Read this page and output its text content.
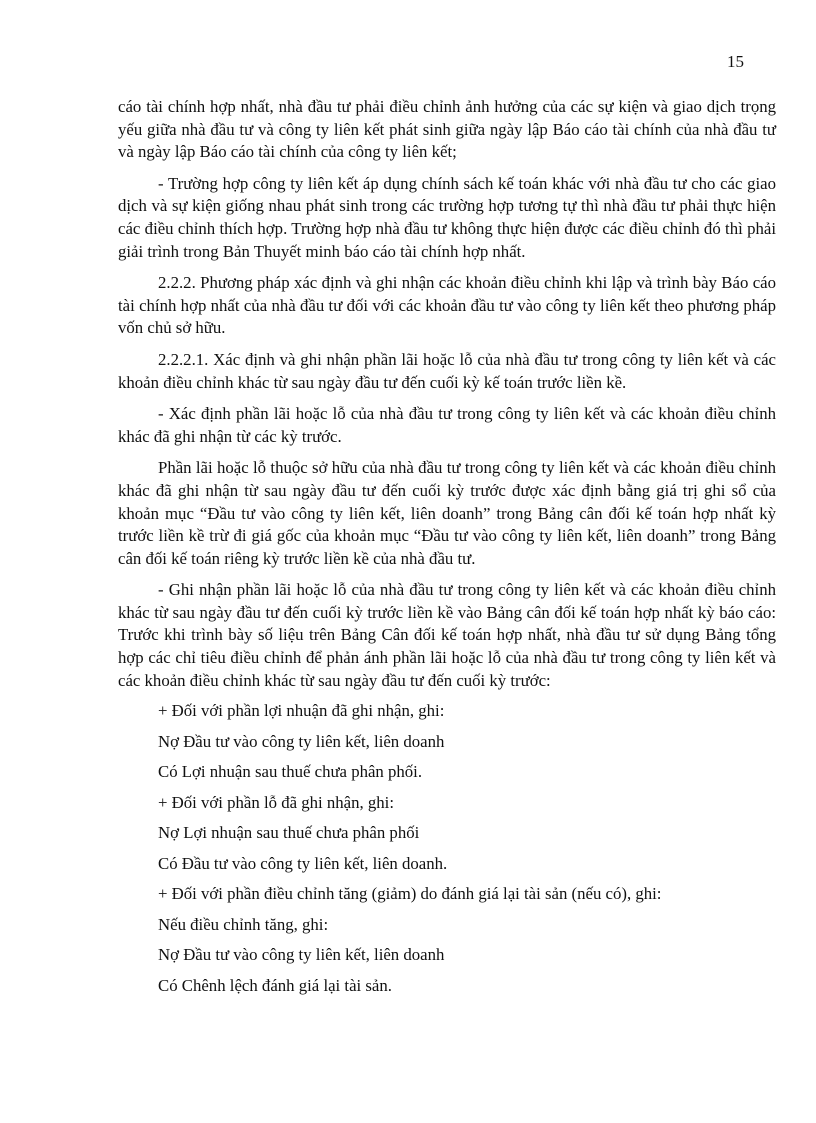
15

cáo tài chính hợp nhất, nhà đầu tư phải điều chỉnh ảnh hưởng của các sự kiện và giao dịch trọng yếu giữa nhà đầu tư và công ty liên kết phát sinh giữa ngày lập Báo cáo tài chính của nhà đầu tư và ngày lập Báo cáo tài chính của công ty liên kết;

- Trường hợp công ty liên kết áp dụng chính sách kế toán khác với nhà đầu tư cho các giao dịch và sự kiện giống nhau phát sinh trong các trường hợp tương tự thì nhà đầu tư phải thực hiện các điều chỉnh thích hợp. Trường hợp nhà đầu tư không thực hiện được các điều chỉnh đó thì phải giải trình trong Bản Thuyết minh báo cáo tài chính hợp nhất.

2.2.2. Phương pháp xác định và ghi nhận các khoản điều chỉnh khi lập và trình bày Báo cáo tài chính hợp nhất của nhà đầu tư đối với các khoản đầu tư vào công ty liên kết theo phương pháp vốn chủ sở hữu.

2.2.2.1. Xác định và ghi nhận phần lãi hoặc lỗ của nhà đầu tư trong công ty liên kết và các khoản điều chỉnh khác từ sau ngày đầu tư đến cuối kỳ kế toán trước liền kề.

- Xác định phần lãi hoặc lỗ của nhà đầu tư trong công ty liên kết và các khoản điều chỉnh khác đã ghi nhận từ các kỳ trước.

Phần lãi hoặc lỗ thuộc sở hữu của nhà đầu tư trong công ty liên kết và các khoản điều chỉnh khác đã ghi nhận từ sau ngày đầu tư đến cuối kỳ trước được xác định bằng giá trị ghi sổ của khoản mục “Đầu tư vào công ty liên kết, liên doanh” trong Bảng cân đối kế toán hợp nhất kỳ trước liền kề trừ đi giá gốc của khoản mục “Đầu tư vào công ty liên kết, liên doanh” trong Bảng cân đối kế toán riêng kỳ trước liền kề của nhà đầu tư.

- Ghi nhận phần lãi hoặc lỗ của nhà đầu tư trong công ty liên kết và các khoản điều chỉnh khác từ sau ngày đầu tư đến cuối kỳ trước liền kề vào Bảng cân đối kế toán hợp nhất kỳ báo cáo: Trước khi trình bày số liệu trên Bảng Cân đối kế toán hợp nhất, nhà đầu tư sử dụng Bảng tổng hợp các chỉ tiêu điều chỉnh để phản ánh phần lãi hoặc lỗ của nhà đầu tư trong công ty liên kết và các khoản điều chỉnh khác từ sau ngày đầu tư đến cuối kỳ trước:

+ Đối với phần lợi nhuận đã ghi nhận, ghi:

Nợ Đầu tư vào công ty liên kết, liên doanh

Có Lợi nhuận sau thuế chưa phân phối.

+ Đối với phần lỗ đã ghi nhận, ghi:

Nợ Lợi nhuận sau thuế chưa phân phối

Có Đầu tư vào công ty liên kết, liên doanh.

+ Đối với phần điều chỉnh tăng (giảm) do đánh giá lại tài sản (nếu có), ghi:

Nếu điều chỉnh tăng, ghi:

Nợ Đầu tư vào công ty liên kết, liên doanh

Có Chênh lệch đánh giá lại tài sản.
